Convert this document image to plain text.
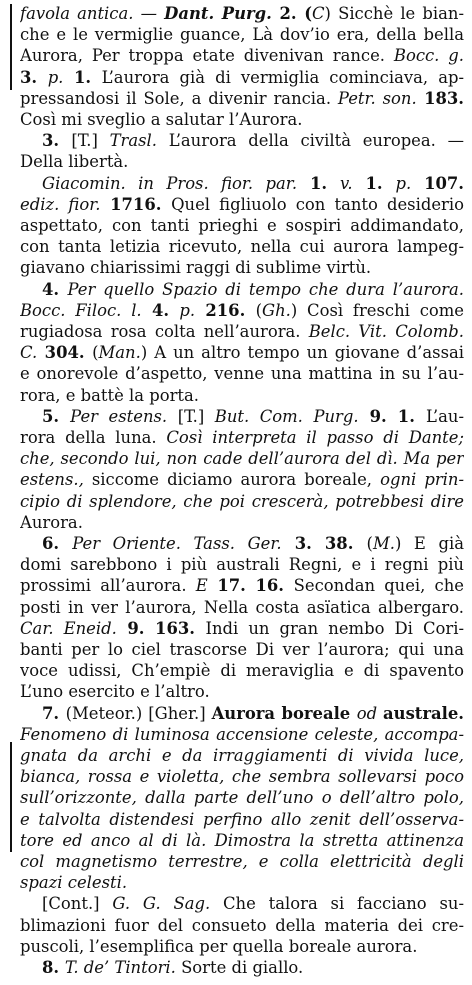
favola antica. — Dant. Purg. 2. (C) Sicchè le bian-
che e le vermiglie guance, Là dov’io era, della bella
Aurora, Per troppa etate divenivan rance. Bocc. g.
3. p. 1. L’aurora già di vermiglia cominciava, ap-
pressandosi il Sole, a divenir rancia. Petr. son. 183.
Così mi sveglio a salutar l’Aurora.
3. [T.] Trasl. L’aurora della civiltà europea. —
Della libertà.
Giacomin. in Pros. fior. par. 1. v. 1. p. 107.
ediz. fior. 1716. Quel figliuolo con tanto desiderio
aspettato, con tanti prieghi e sospiri addimandato,
con tanta letizia ricevuto, nella cui aurora lampeg-
giavano chiarissimi raggi di sublime virtù.
4. Per quello Spazio di tempo che dura l’aurora.
Bocc. Filoc. l. 4. p. 216. (Gh.) Così freschi come
rugiadosa rosa colta nell’aurora. Belc. Vit. Colomb.
C. 304. (Man.) A un altro tempo un giovane d’assai
e onorevole d’aspetto, venne una mattina in su l’au-
rora, e battè la porta.
5. Per estens. [T.] But. Com. Purg. 9. 1. L’au-
rora della luna. Così interpreta il passo di Dante;
che, secondo lui, non cade dell’aurora del dì. Ma per
estens., siccome diciamo aurora boreale, ogni prin-
cipio di splendore, che poi crescerà, potrebbesi dire
Aurora.
6. Per Oriente. Tass. Ger. 3. 38. (M.) E già
domi sarebbono i più australi Regni, e i regni più
prossimi all’aurora. E 17. 16. Secondan quei, che
posti in ver l’aurora, Nella costa asïatica albergaro.
Car. Eneid. 9. 163. Indi un gran nembo Di Cori-
banti per lo ciel trascorse Di ver l’aurora; qui una
voce udissi, Ch’empiè di meraviglia e di spavento
L’uno esercito e l’altro.
7. (Meteor.) [Gher.] Aurora boreale od australe.
Fenomeno di luminosa accensione celeste, accompa-
gnata da archi e da irraggiamenti di vivida luce,
bianca, rossa e violetta, che sembra sollevarsi poco
sull’orizzonte, dalla parte dell’uno o dell’altro polo,
e talvolta distendesi perfino allo zenit dell’osserva-
tore ed anco al di là. Dimostra la stretta attinenza
col magnetismo terrestre, e colla elettricità degli
spazi celesti.
[Cont.] G. G. Sag. Che talora si facciano su-
blimazioni fuor del consueto della materia dei cre-
puscoli, l’esemplifica per quella boreale aurora.
8. T. de’ Tintori. Sorte di giallo.
